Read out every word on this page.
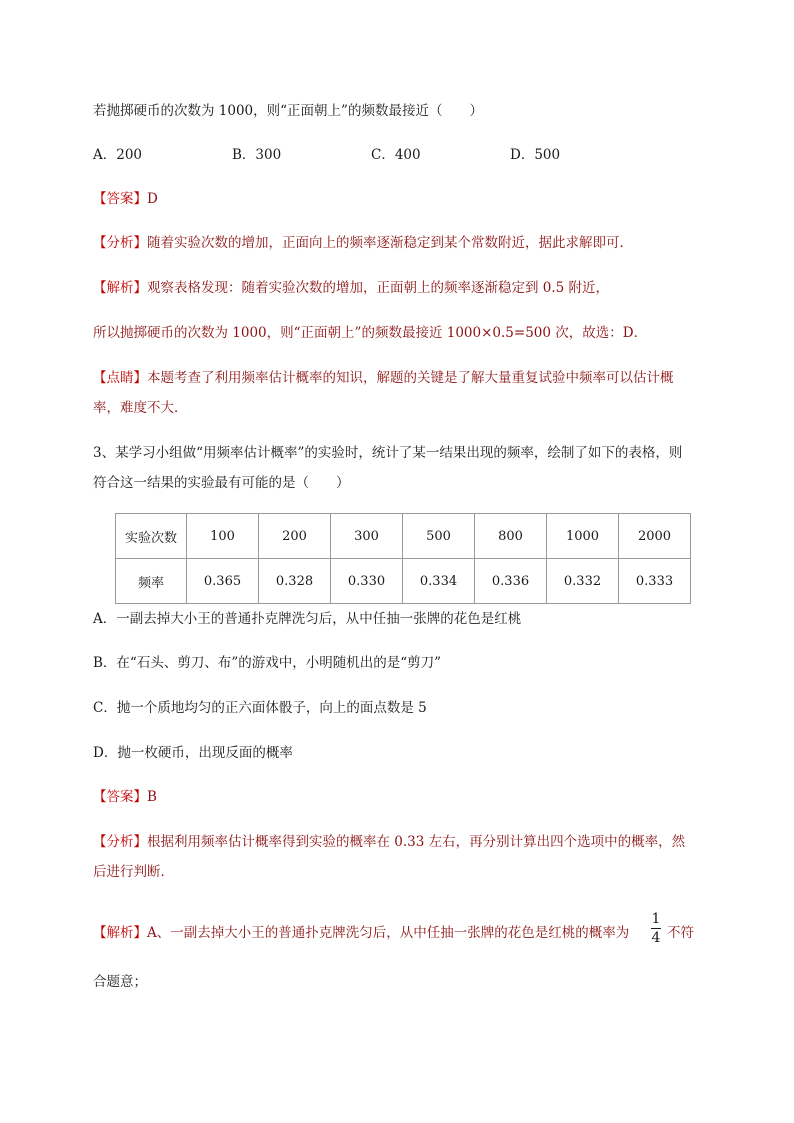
若抛掷硬币的次数为 1000，则“正面朝上”的频数最接近（　　）
A．200	B．300	C．400	D．500
【答案】D
【分析】随着实验次数的增加，正面向上的频率逐渐稳定到某个常数附近，据此求解即可．
【解析】观察表格发现：随着实验次数的增加，正面朝上的频率逐渐稳定到 0.5 附近，
所以抛掷硬币的次数为 1000，则“正面朝上”的频数最接近 1000×0.5=500 次，故选：D．
【点睛】本题考查了利用频率估计概率的知识，解题的关键是了解大量重复试验中频率可以估计概
率，难度不大．
3、某学习小组做“用频率估计概率”的实验时，统计了某一结果出现的频率，绘制了如下的表格，则
符合这一结果的实验最有可能的是（　　）
实验次数	100	200	300	500	800	1000	2000
频率	0.365	0.328	0.330	0.334	0.336	0.332	0.333
A．一副去掉大小王的普通扑克牌洗匀后，从中任抽一张牌的花色是红桃
B．在“石头、剪刀、布”的游戏中，小明随机出的是“剪刀”
C．抛一个质地均匀的正六面体骰子，向上的面点数是 5
D．抛一枚硬币，出现反面的概率
【答案】B
【分析】根据利用频率估计概率得到实验的概率在 0.33 左右，再分别计算出四个选项中的概率，然
后进行判断．
【解析】A、一副去掉大小王的普通扑克牌洗匀后，从中任抽一张牌的花色是红桃的概率为
1
4 不符
合题意；
